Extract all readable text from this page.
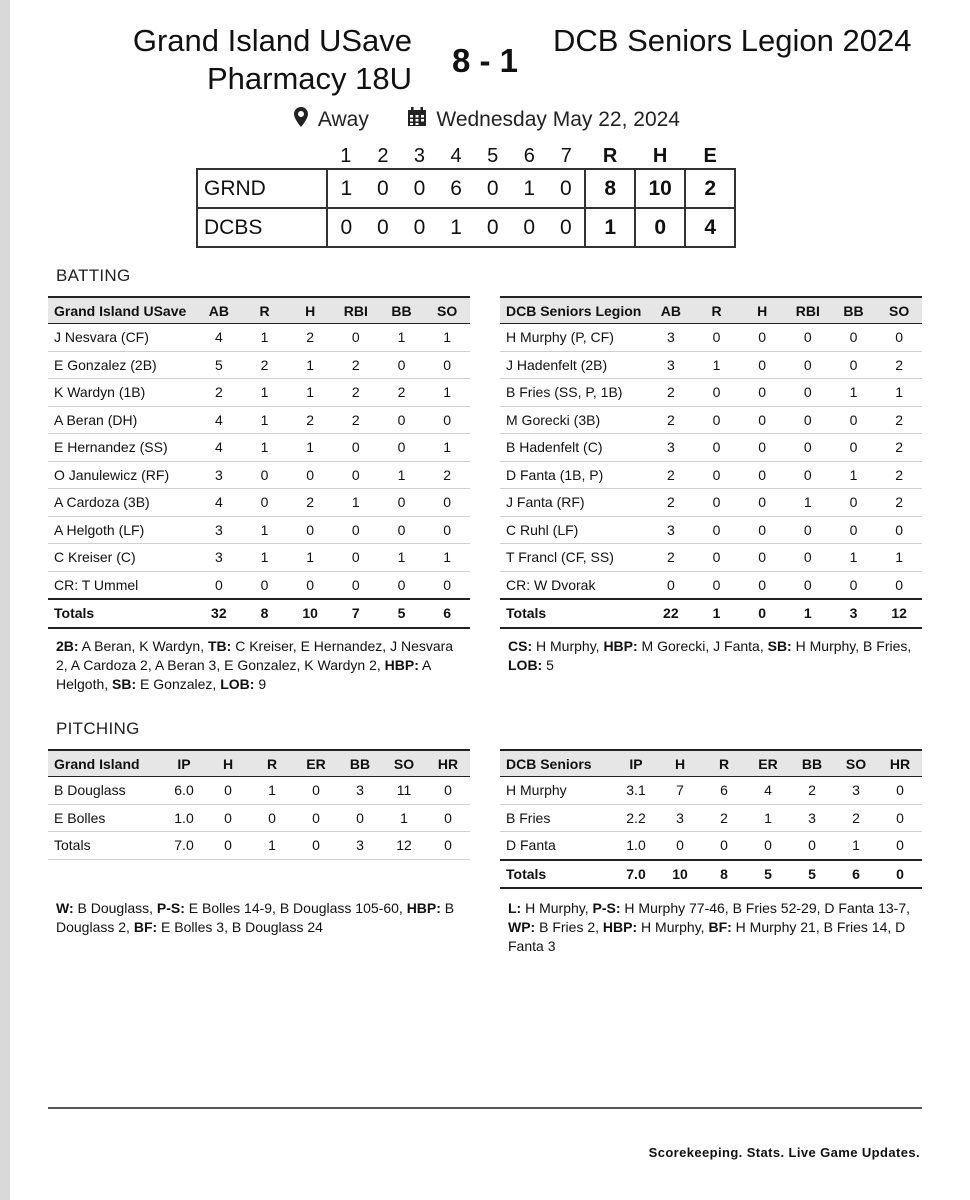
Grand Island USave Pharmacy 18U	8 - 1
DCB Seniors Legion 2024
Away	Wednesday May 22, 2024
	1	2	3	4	5	6	7	R	H	E
GRND	1	0	0	6	0	1	0	8	10	2
DCBS	0	0	0	1	0	0	0	1	0	4
BATTING
Grand Island USave	AB	R	H	RBI	BB	SO
J Nesvara (CF)	4	1	2	0	1	1
E Gonzalez (2B)	5	2	1	2	0	0
K Wardyn (1B)	2	1	1	2	2	1
A Beran (DH)	4	1	2	2	0	0
E Hernandez (SS)	4	1	1	0	0	1
O Janulewicz (RF)	3	0	0	0	1	2
A Cardoza (3B)	4	0	2	1	0	0
A Helgoth (LF)	3	1	0	0	0	0
C Kreiser (C)	3	1	1	0	1	1
CR: T Ummel	0	0	0	0	0	0
Totals	32	8	10	7	5	6
DCB Seniors Legion	AB	R	H	RBI	BB	SO
H Murphy (P, CF)	3	0	0	0	0	0
J Hadenfelt (2B)	3	1	0	0	0	2
B Fries (SS, P, 1B)	2	0	0	0	1	1
M Gorecki (3B)	2	0	0	0	0	2
B Hadenfelt (C)	3	0	0	0	0	2
D Fanta (1B, P)	2	0	0	0	1	2
J Fanta (RF)	2	0	0	1	0	2
C Ruhl (LF)	3	0	0	0	0	0
T Francl (CF, SS)	2	0	0	0	1	1
CR: W Dvorak	0	0	0	0	0	0
Totals	22	1	0	1	3	12
2B: A Beran, K Wardyn, TB: C Kreiser, E Hernandez, J Nesvara 2, A Cardoza 2, A Beran 3, E Gonzalez, K Wardyn 2, HBP: A Helgoth, SB: E Gonzalez, LOB: 9
CS: H Murphy, HBP: M Gorecki, J Fanta, SB: H Murphy, B Fries, LOB: 5
PITCHING
Grand Island	IP	H	R	ER	BB	SO	HR
B Douglass	6.0	0	1	0	3	11	0
E Bolles	1.0	0	0	0	0	1	0
Totals	7.0	0	1	0	3	12	0
DCB Seniors	IP	H	R	ER	BB	SO	HR
H Murphy	3.1	7	6	4	2	3	0
B Fries	2.2	3	2	1	3	2	0
D Fanta	1.0	0	0	0	0	1	0
Totals	7.0	10	8	5	5	6	0
W: B Douglass, P-S: E Bolles 14-9, B Douglass 105-60, HBP: B Douglass 2, BF: E Bolles 3, B Douglass 24
L: H Murphy, P-S: H Murphy 77-46, B Fries 52-29, D Fanta 13-7, WP: B Fries 2, HBP: H Murphy, BF: H Murphy 21, B Fries 14, D Fanta 3
Scorekeeping. Stats. Live Game Updates.
